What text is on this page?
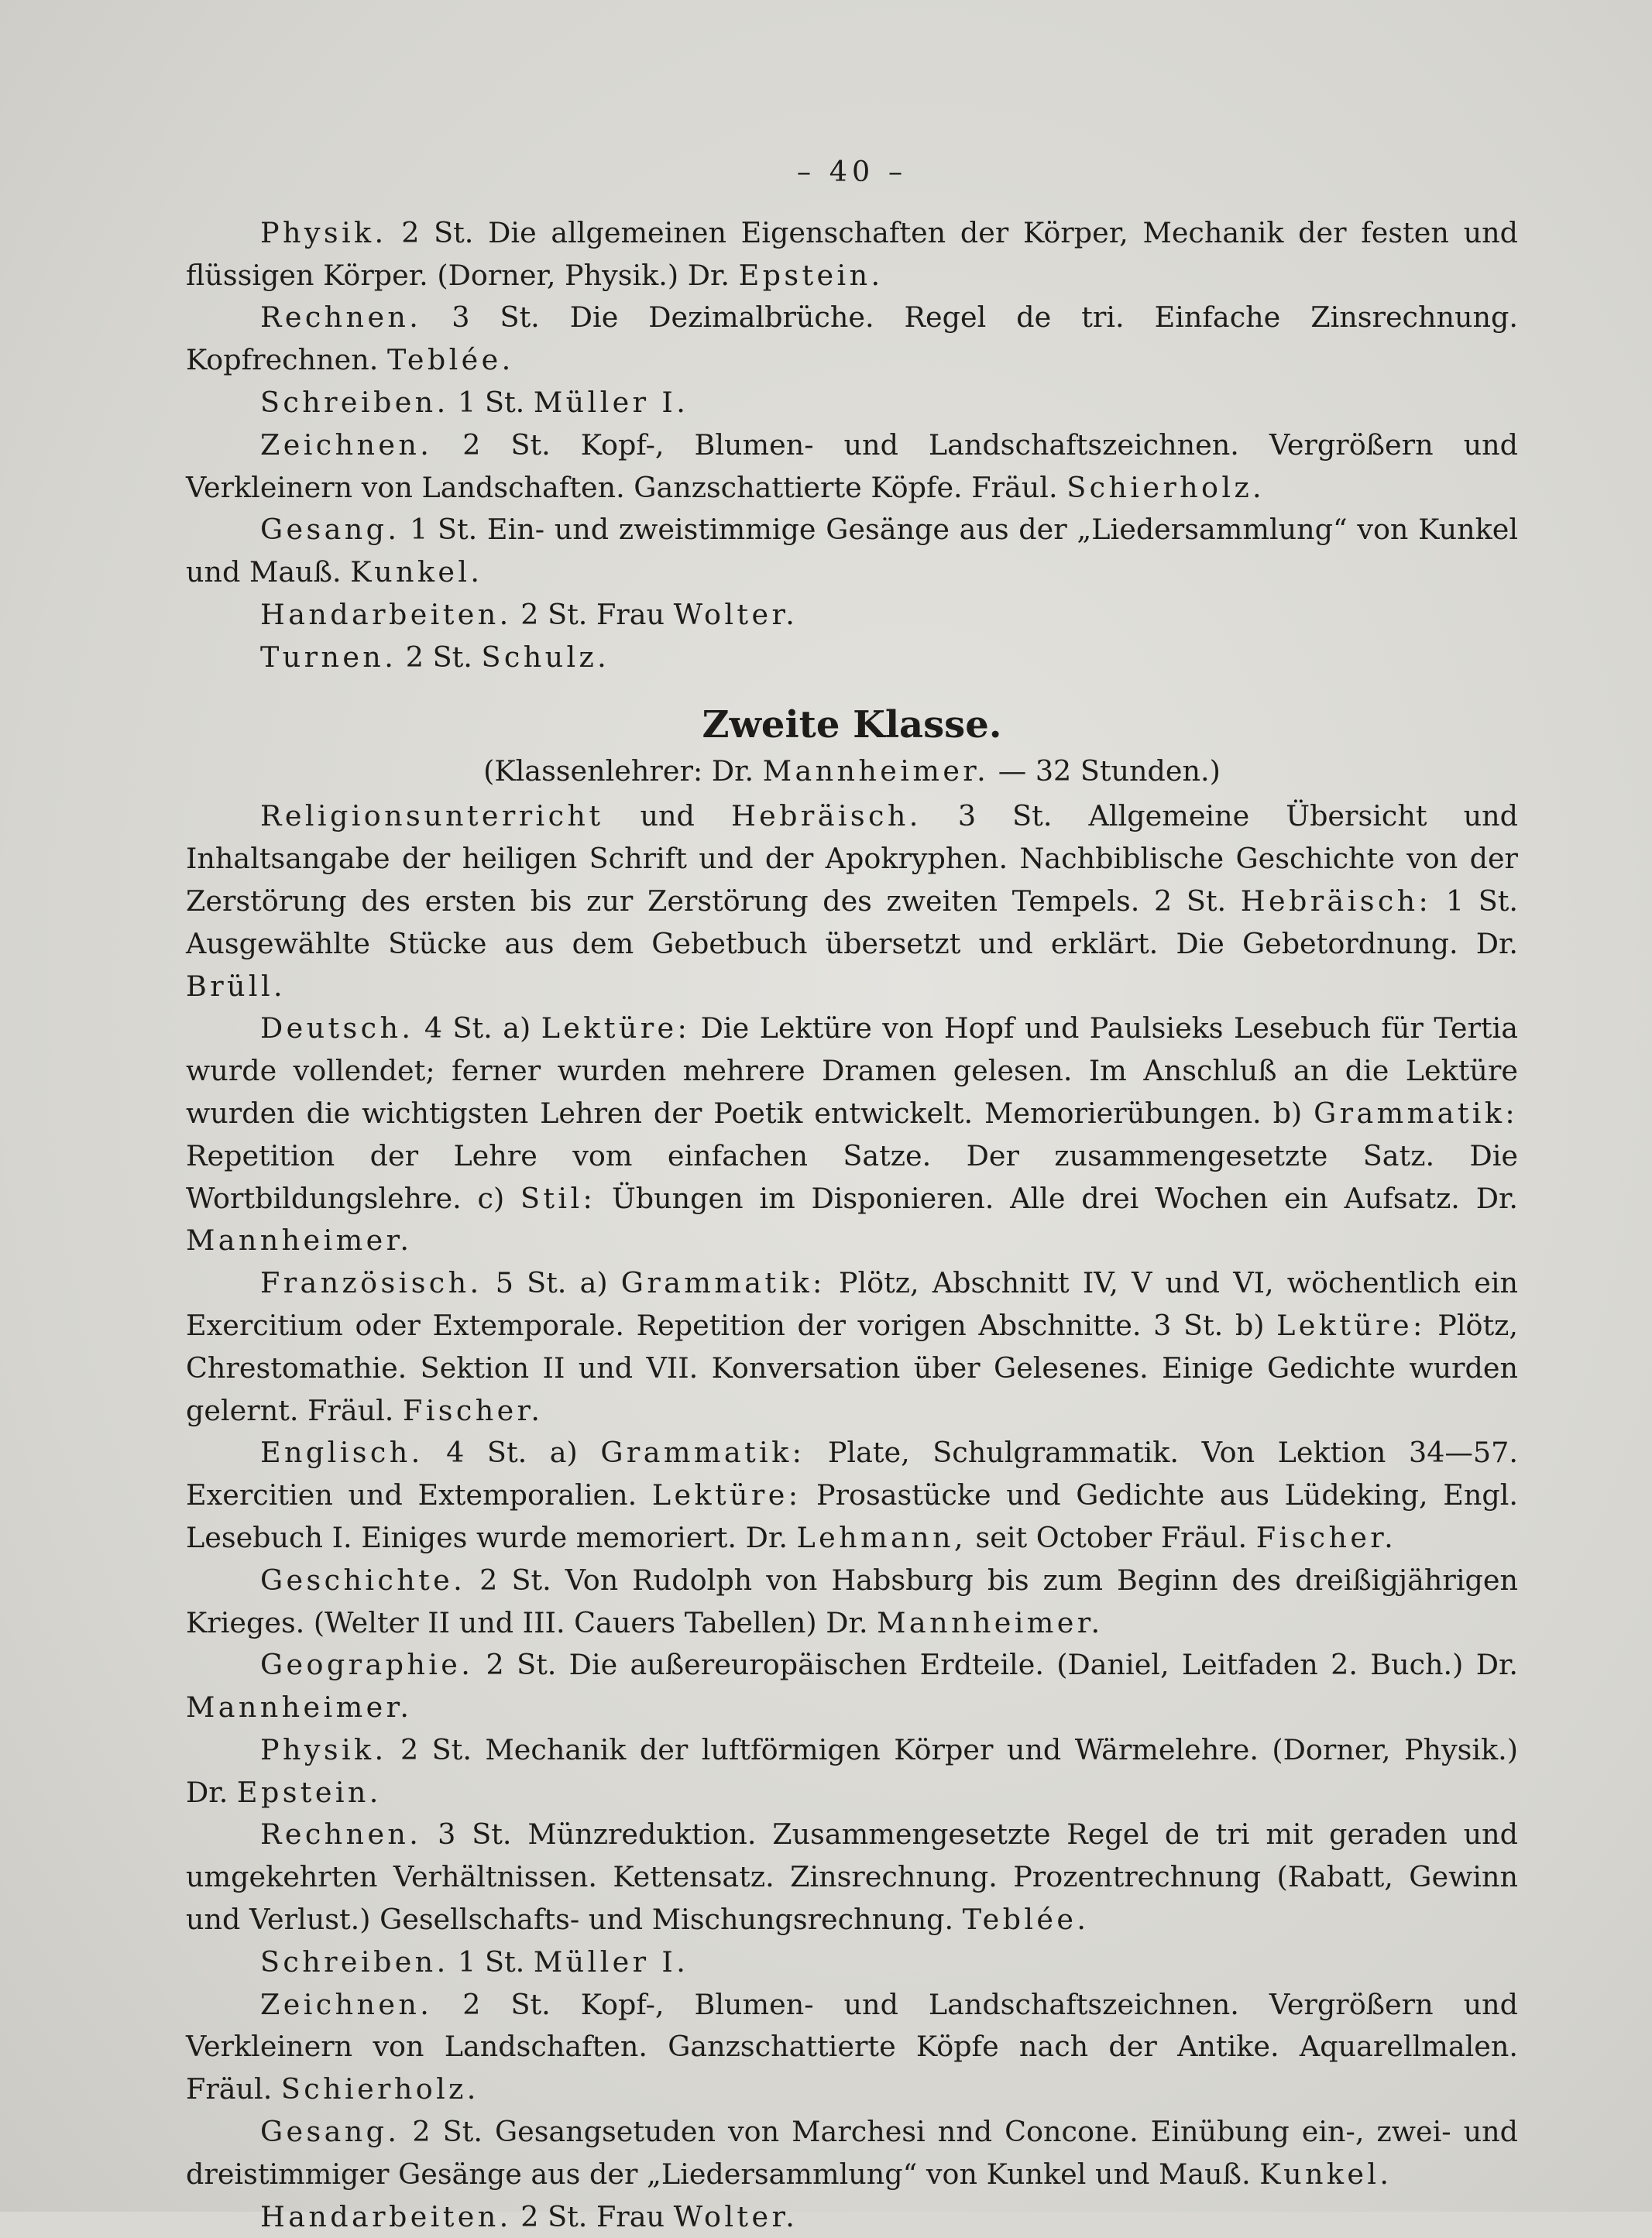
– 40 –

Physik. 2 St. Die allgemeinen Eigenschaften der Körper, Mechanik der festen und flüssigen Körper. (Dorner, Physik.) Dr. Epstein.

Rechnen. 3 St. Die Dezimalbrüche. Regel de tri. Einfache Zinsrechnung. Kopfrechnen. Teblée.

Schreiben. 1 St. Müller I.

Zeichnen. 2 St. Kopf-, Blumen- und Landschaftszeichnen. Vergrößern und Verkleinern von Landschaften. Ganzschattierte Köpfe. Fräul. Schierholz.

Gesang. 1 St. Ein- und zweistimmige Gesänge aus der „Liedersammlung“ von Kunkel und Mauß. Kunkel.

Handarbeiten. 2 St. Frau Wolter.

Turnen. 2 St. Schulz.

Zweite Klasse.
(Klassenlehrer: Dr. Mannheimer. — 32 Stunden.)

Religionsunterricht und Hebräisch. 3 St. Allgemeine Übersicht und Inhaltsangabe der heiligen Schrift und der Apokryphen. Nachbiblische Geschichte von der Zerstörung des ersten bis zur Zerstörung des zweiten Tempels. 2 St. Hebräisch: 1 St. Ausgewählte Stücke aus dem Gebetbuch übersetzt und erklärt. Die Gebetordnung. Dr. Brüll.

Deutsch. 4 St. a) Lektüre: Die Lektüre von Hopf und Paulsieks Lesebuch für Tertia wurde vollendet; ferner wurden mehrere Dramen gelesen. Im Anschluß an die Lektüre wurden die wichtigsten Lehren der Poetik entwickelt. Memorierübungen. b) Grammatik: Repetition der Lehre vom einfachen Satze. Der zusammengesetzte Satz. Die Wortbildungslehre. c) Stil: Übungen im Disponieren. Alle drei Wochen ein Aufsatz. Dr. Mannheimer.

Französisch. 5 St. a) Grammatik: Plötz, Abschnitt IV, V und VI, wöchentlich ein Exercitium oder Extemporale. Repetition der vorigen Abschnitte. 3 St. b) Lektüre: Plötz, Chrestomathie. Sektion II und VII. Konversation über Gelesenes. Einige Gedichte wurden gelernt. Fräul. Fischer.

Englisch. 4 St. a) Grammatik: Plate, Schulgrammatik. Von Lektion 34—57. Exercitien und Extemporalien. Lektüre: Prosastücke und Gedichte aus Lüdeking, Engl. Lesebuch I. Einiges wurde memoriert. Dr. Lehmann, seit October Fräul. Fischer.

Geschichte. 2 St. Von Rudolph von Habsburg bis zum Beginn des dreißigjährigen Krieges. (Welter II und III. Cauers Tabellen) Dr. Mannheimer.

Geographie. 2 St. Die außereuropäischen Erdteile. (Daniel, Leitfaden 2. Buch.) Dr. Mannheimer.

Physik. 2 St. Mechanik der luftförmigen Körper und Wärmelehre. (Dorner, Physik.) Dr. Epstein.

Rechnen. 3 St. Münzreduktion. Zusammengesetzte Regel de tri mit geraden und umgekehrten Verhältnissen. Kettensatz. Zinsrechnung. Prozentrechnung (Rabatt, Gewinn und Verlust.) Gesellschafts- und Mischungsrechnung. Teblée.

Schreiben. 1 St. Müller I.

Zeichnen. 2 St. Kopf-, Blumen- und Landschaftszeichnen. Vergrößern und Verkleinern von Landschaften. Ganzschattierte Köpfe nach der Antike. Aquarellmalen. Fräul. Schierholz.

Gesang. 2 St. Gesangsetuden von Marchesi nnd Concone. Einübung ein-, zwei- und dreistimmiger Gesänge aus der „Liedersammlung“ von Kunkel und Mauß. Kunkel.

Handarbeiten. 2 St. Frau Wolter.
